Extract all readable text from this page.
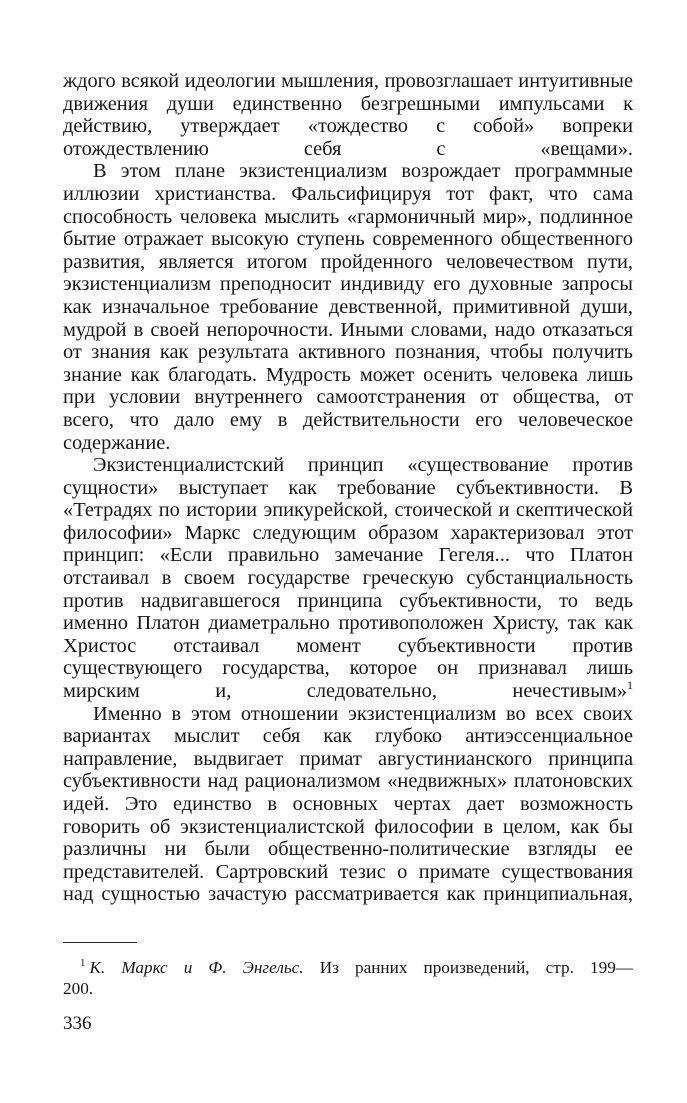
ждого всякой идеологии мышления, провозглашает интуитивные движения души единственно безгрешными импульсами к действию, утверждает «тождество с собой» вопреки отождествлению себя с «вещами».

В этом плане экзистенциализм возрождает программные иллюзии христианства. Фальсифицируя тот факт, что сама способность человека мыслить «гармоничный мир», подлинное бытие отражает высокую ступень современного общественного развития, является итогом пройденного человечеством пути, экзистенциализм преподносит индивиду его духовные запросы как изначальное требование девственной, примитивной души, мудрой в своей непорочности. Иными словами, надо отказаться от знания как результата активного познания, чтобы получить знание как благодать. Мудрость может осенить человека лишь при условии внутреннего самоотстранения от общества, от всего, что дало ему в действительности его человеческое содержание.

Экзистенциалистский принцип «существование против сущности» выступает как требование субъективности. В «Тетрадях по истории эпикурейской, стоической и скептической философии» Маркс следующим образом характеризовал этот принцип: «Если правильно замечание Гегеля... что Платон отстаивал в своем государстве греческую субстанциальность против надвигавшегося принципа субъективности, то ведь именно Платон диаметрально противоположен Христу, так как Христос отстаивал момент субъективности против существующего государства, которое он признавал лишь мирским и, следовательно, нечестивым»$^1$

Именно в этом отношении экзистенциализм во всех своих вариантах мыслит себя как глубоко антиэссенциальное направление, выдвигает примат августинианского принципа субъективности над рационализмом «недвижных» платоновских идей. Это единство в основных чертах дает возможность говорить об экзистенциалистской философии в целом, как бы различны ни были общественно-политические взгляды ее представителей. Сартровский тезис о примате существования над сущностью зачастую рассматривается как принципиальная,

$^1$ К. Маркс и Ф. Энгельс. Из ранних произведений, стр. 199—
200.
336
